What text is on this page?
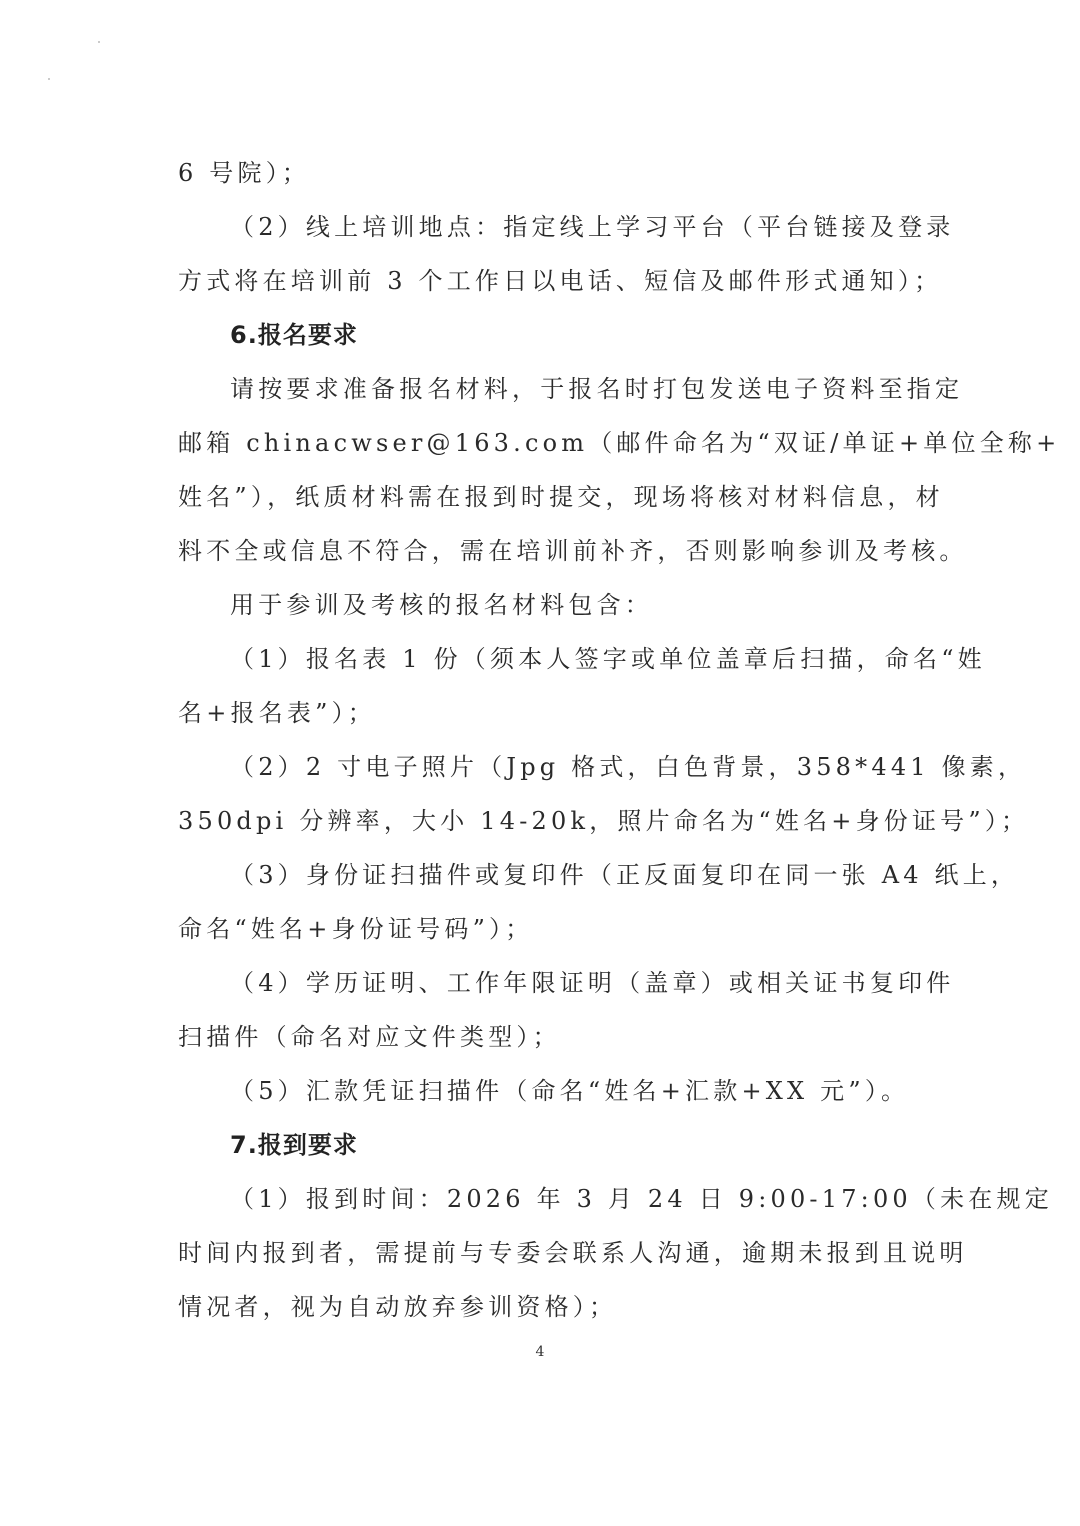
6 号院）；
（2）线上培训地点：指定线上学习平台（平台链接及登录
方式将在培训前 3 个工作日以电话、短信及邮件形式通知）；
6.报名要求
请按要求准备报名材料，于报名时打包发送电子资料至指定
邮箱 chinacwser@163.com（邮件命名为“双证/单证+单位全称+
姓名”），纸质材料需在报到时提交，现场将核对材料信息，材
料不全或信息不符合，需在培训前补齐，否则影响参训及考核。
用于参训及考核的报名材料包含：
（1）报名表 1 份（须本人签字或单位盖章后扫描，命名“姓
名+报名表”）；
（2）2 寸电子照片（Jpg 格式，白色背景，358*441 像素，
350dpi 分辨率，大小 14-20k，照片命名为“姓名+身份证号”）；
（3）身份证扫描件或复印件（正反面复印在同一张 A4 纸上，
命名“姓名+身份证号码”）；
（4）学历证明、工作年限证明（盖章）或相关证书复印件
扫描件（命名对应文件类型）；
（5）汇款凭证扫描件（命名“姓名+汇款+XX 元”）。
7.报到要求
（1）报到时间：2026 年 3 月 24 日 9:00-17:00（未在规定
时间内报到者，需提前与专委会联系人沟通，逾期未报到且说明
情况者，视为自动放弃参训资格）；
4
